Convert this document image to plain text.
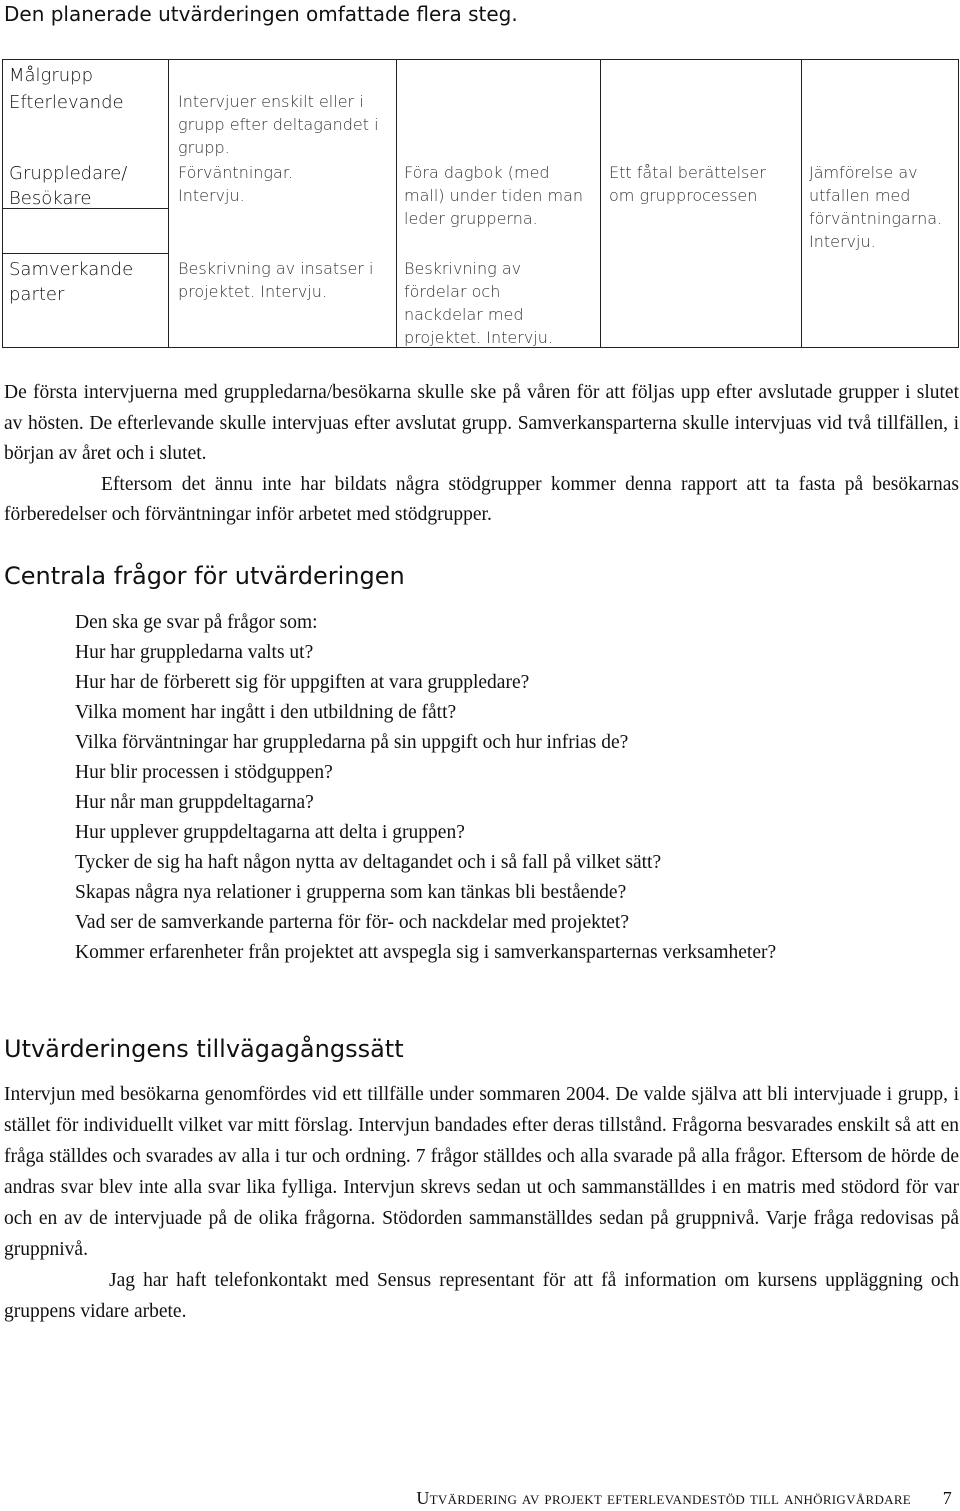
Den planerade utvärderingen omfattade flera steg.
Målgrupp
Efterlevande
Gruppledare/ Besökare
Samverkande parter
Intervjuer enskilt eller i grupp efter deltagandet i grupp.
Förväntningar. Intervju.
Beskrivning av insatser i projektet. Intervju.
Föra dagbok (med mall) under tiden man leder grupperna.
Beskrivning av fördelar och nackdelar med projektet. Intervju.
Ett fåtal berättelser om grupprocessen
Jämförelse av utfallen med förväntningarna. Intervju.

De första intervjuerna med gruppledarna/besökarna skulle ske på våren för att följas upp efter avslutade grupper i slutet av hösten. De efterlevande skulle intervjuas efter avslutat grupp. Samverkansparterna skulle intervjuas vid två tillfällen, i början av året och i slutet.

Eftersom det ännu inte har bildats några stödgrupper kommer denna rapport att ta fasta på besökarnas förberedelser och förväntningar inför arbetet med stödgrupper.

Centrala frågor för utvärderingen
Den ska ge svar på frågor som:
Hur har gruppledarna valts ut?
Hur har de förberett sig för uppgiften at vara gruppledare?
Vilka moment har ingått i den utbildning de fått?
Vilka förväntningar har gruppledarna på sin uppgift och hur infrias de?
Hur blir processen i stödguppen?
Hur når man gruppdeltagarna?
Hur upplever gruppdeltagarna att delta i gruppen?
Tycker de sig ha haft någon nytta av deltagandet och i så fall på vilket sätt?
Skapas några nya relationer i grupperna som kan tänkas bli bestående?
Vad ser de samverkande parterna för för- och nackdelar med projektet?
Kommer erfarenheter från projektet att avspegla sig i samverkansparternas verksamheter?
Utvärderingens tillvägagångssätt

Intervjun med besökarna genomfördes vid ett tillfälle under sommaren 2004. De valde själva att bli intervjuade i grupp, i stället för individuellt vilket var mitt förslag. Intervjun bandades efter deras tillstånd. Frågorna besvarades enskilt så att en fråga ställdes och svarades av alla i tur och ordning. 7 frågor ställdes och alla svarade på alla frågor. Eftersom de hörde de andras svar blev inte alla svar lika fylliga. Intervjun skrevs sedan ut och sammanställdes i en matris med stödord för var och en av de intervjuade på de olika frågorna. Stödorden sammanställdes sedan på gruppnivå. Varje fråga redovisas på gruppnivå.

Jag har haft telefonkontakt med Sensus representant för att få information om kursens uppläggning och gruppens vidare arbete.

Utvärdering av projekt efterlevandestöd till anhörigvårdare 7
